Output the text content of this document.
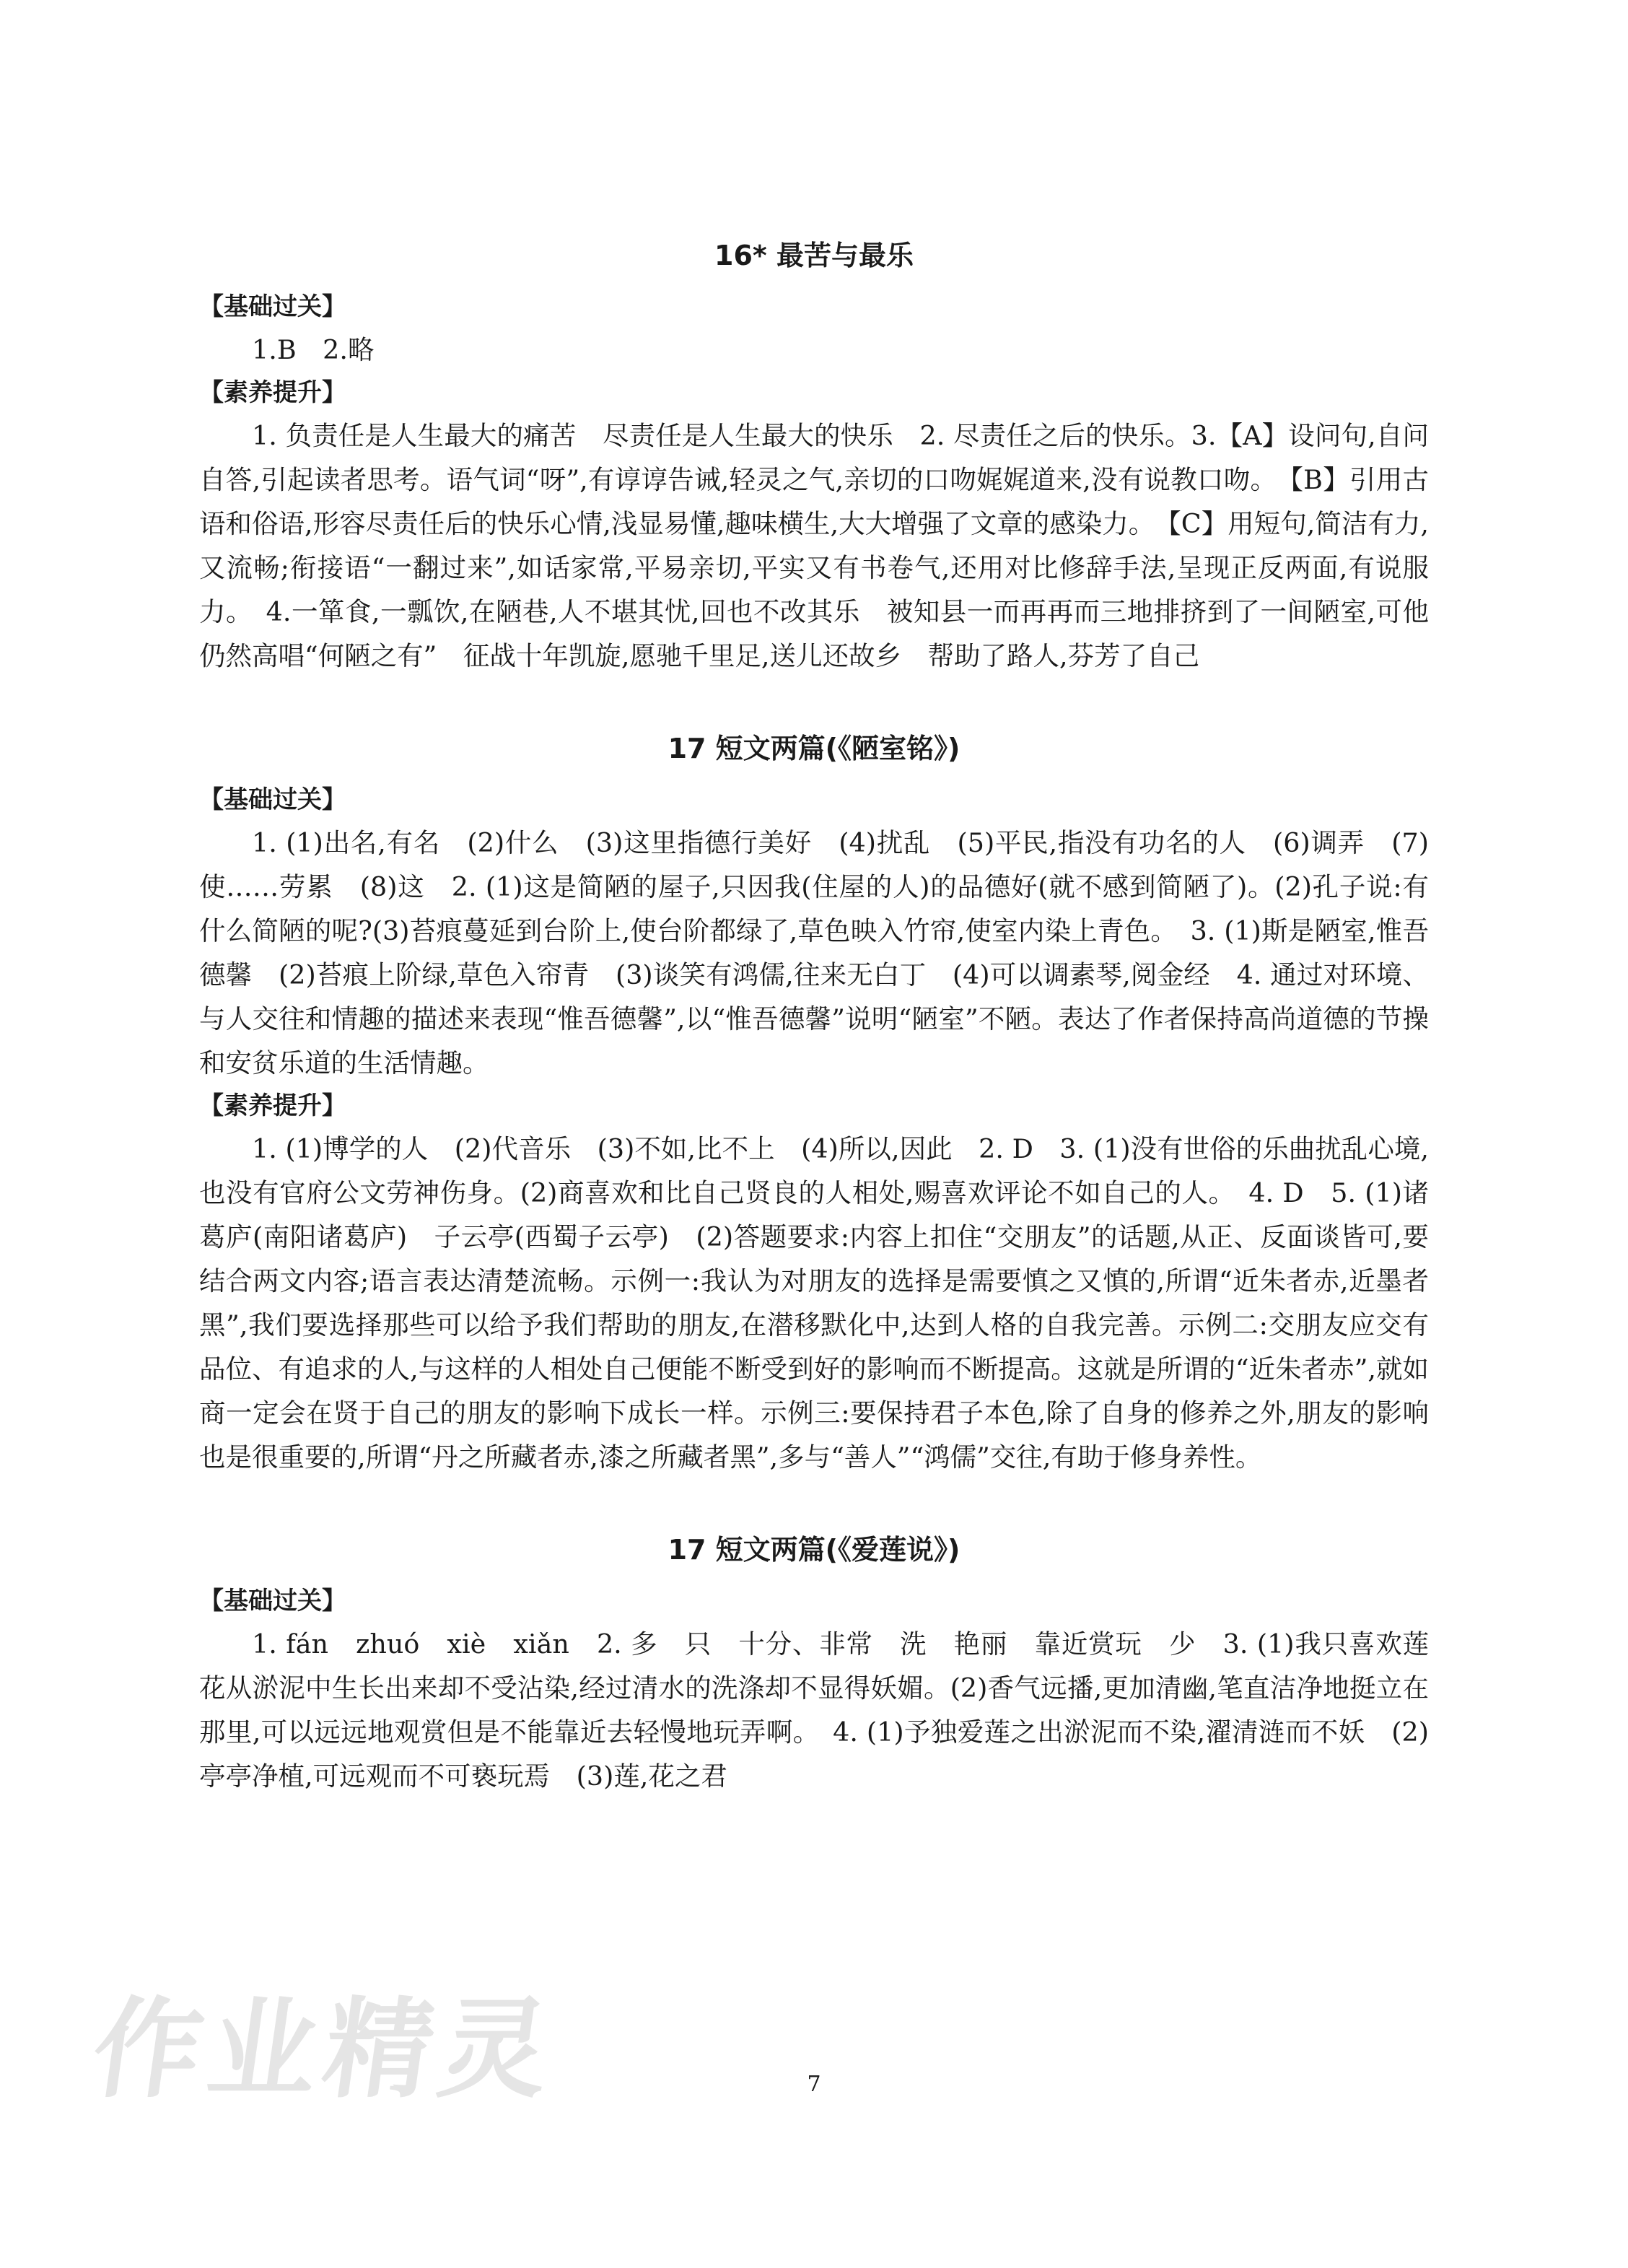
16* 最苦与最乐
【基础过关】

1.B　2.略

【素养提升】

1. 负责任是人生最大的痛苦　尽责任是人生最大的快乐　2. 尽责任之后的快乐。3.【A】设问句,自问自答,引起读者思考。语气词“呀”,有谆谆告诫,轻灵之气,亲切的口吻娓娓道来,没有说教口吻。　【B】引用古语和俗语,形容尽责任后的快乐心情,浅显易懂,趣味横生,大大增强了文章的感染力。　【C】用短句,简洁有力,又流畅;衔接语“一翻过来”,如话家常,平易亲切,平实又有书卷气,还用对比修辞手法,呈现正反两面,有说服力。　4.一箪食,一瓢饮,在陋巷,人不堪其忧,回也不改其乐　被知县一而再再而三地排挤到了一间陋室,可他仍然高唱“何陋之有”　征战十年凯旋,愿驰千里足,送儿还故乡　帮助了路人,芬芳了自己

17 短文两篇(《陋室铭》)
【基础过关】

1. (1)出名,有名　(2)什么　(3)这里指德行美好　(4)扰乱　(5)平民,指没有功名的人　(6)调弄　(7)使……劳累　(8)这　2. (1)这是简陋的屋子,只因我(住屋的人)的品德好(就不感到简陋了)。(2)孔子说:有什么简陋的呢?(3)苔痕蔓延到台阶上,使台阶都绿了,草色映入竹帘,使室内染上青色。　3. (1)斯是陋室,惟吾德馨　(2)苔痕上阶绿,草色入帘青　(3)谈笑有鸿儒,往来无白丁　(4)可以调素琴,阅金经　4. 通过对环境、与人交往和情趣的描述来表现“惟吾德馨”,以“惟吾德馨”说明“陋室”不陋。表达了作者保持高尚道德的节操和安贫乐道的生活情趣。

【素养提升】

1. (1)博学的人　(2)代音乐　(3)不如,比不上　(4)所以,因此　2. D　3. (1)没有世俗的乐曲扰乱心境,也没有官府公文劳神伤身。(2)商喜欢和比自己贤良的人相处,赐喜欢评论不如自己的人。　4. D　5. (1)诸葛庐(南阳诸葛庐)　子云亭(西蜀子云亭)　(2)答题要求:内容上扣住“交朋友”的话题,从正、反面谈皆可,要结合两文内容;语言表达清楚流畅。示例一:我认为对朋友的选择是需要慎之又慎的,所谓“近朱者赤,近墨者黑”,我们要选择那些可以给予我们帮助的朋友,在潜移默化中,达到人格的自我完善。示例二:交朋友应交有品位、有追求的人,与这样的人相处自己便能不断受到好的影响而不断提高。这就是所谓的“近朱者赤”,就如商一定会在贤于自己的朋友的影响下成长一样。示例三:要保持君子本色,除了自身的修养之外,朋友的影响也是很重要的,所谓“丹之所藏者赤,漆之所藏者黑”,多与“善人”“鸿儒”交往,有助于修身养性。

17 短文两篇(《爱莲说》)
【基础过关】

1. fán　zhuó　xiè　xiǎn　2. 多　只　十分、非常　洗　艳丽　靠近赏玩　少　3. (1)我只喜欢莲花从淤泥中生长出来却不受沾染,经过清水的洗涤却不显得妖媚。(2)香气远播,更加清幽,笔直洁净地挺立在那里,可以远远地观赏但是不能靠近去轻慢地玩弄啊。　4. (1)予独爱莲之出淤泥而不染,濯清涟而不妖　(2)亭亭净植,可远观而不可亵玩焉　(3)莲,花之君

作业精灵	7
